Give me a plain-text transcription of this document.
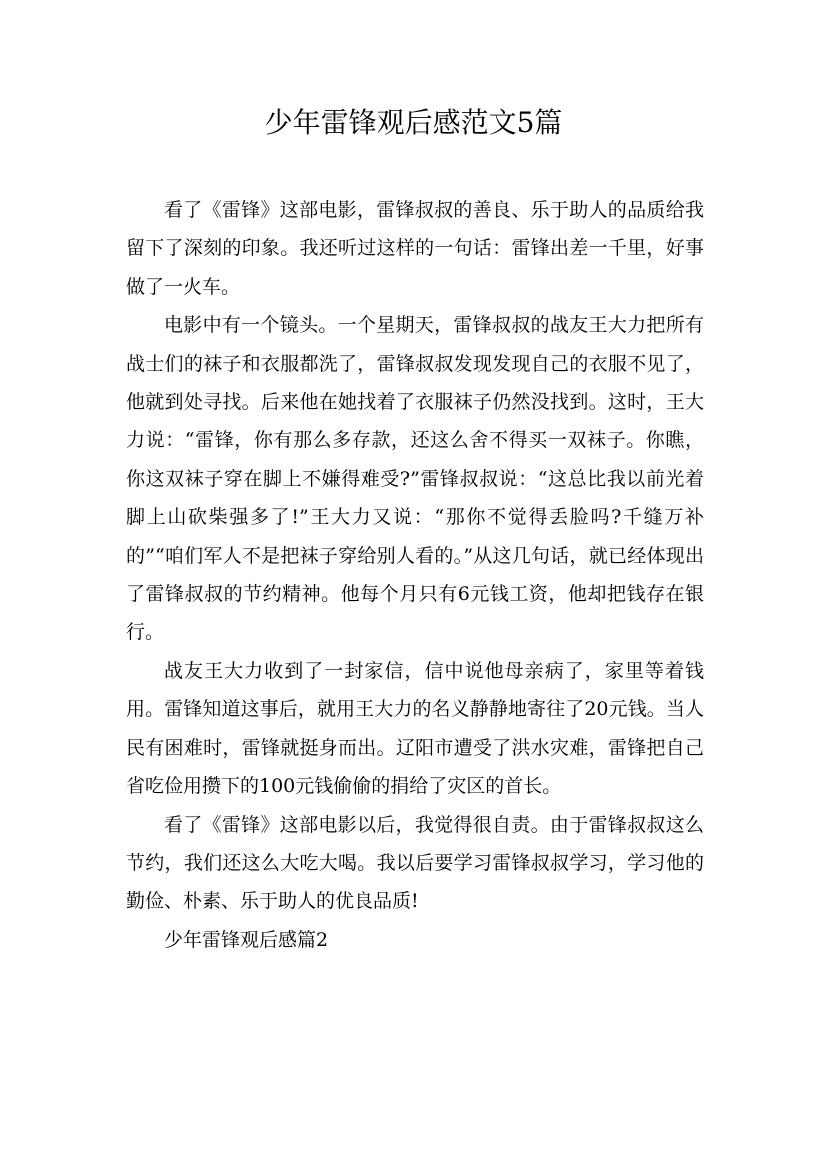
少年雷锋观后感范文5篇

看了《雷锋》这部电影，雷锋叔叔的善良、乐于助人的品质给我留下了深刻的印象。我还听过这样的一句话：雷锋出差一千里，好事做了一火车。

电影中有一个镜头。一个星期天，雷锋叔叔的战友王大力把所有战士们的袜子和衣服都洗了，雷锋叔叔发现发现自己的衣服不见了，他就到处寻找。后来他在她找着了衣服袜子仍然没找到。这时，王大力说：“雷锋，你有那么多存款，还这么舍不得买一双袜子。你瞧，你这双袜子穿在脚上不嫌得难受?”雷锋叔叔说：“这总比我以前光着脚上山砍柴强多了!”王大力又说：“那你不觉得丢脸吗?千缝万补的”“咱们军人不是把袜子穿给别人看的。”从这几句话，就已经体现出了雷锋叔叔的节约精神。他每个月只有6元钱工资，他却把钱存在银行。

战友王大力收到了一封家信，信中说他母亲病了，家里等着钱用。雷锋知道这事后，就用王大力的名义静静地寄往了20元钱。当人民有困难时，雷锋就挺身而出。辽阳市遭受了洪水灾难，雷锋把自己省吃俭用攒下的100元钱偷偷的捐给了灾区的首长。

看了《雷锋》这部电影以后，我觉得很自责。由于雷锋叔叔这么节约，我们还这么大吃大喝。我以后要学习雷锋叔叔学习，学习他的勤俭、朴素、乐于助人的优良品质!

少年雷锋观后感篇2
